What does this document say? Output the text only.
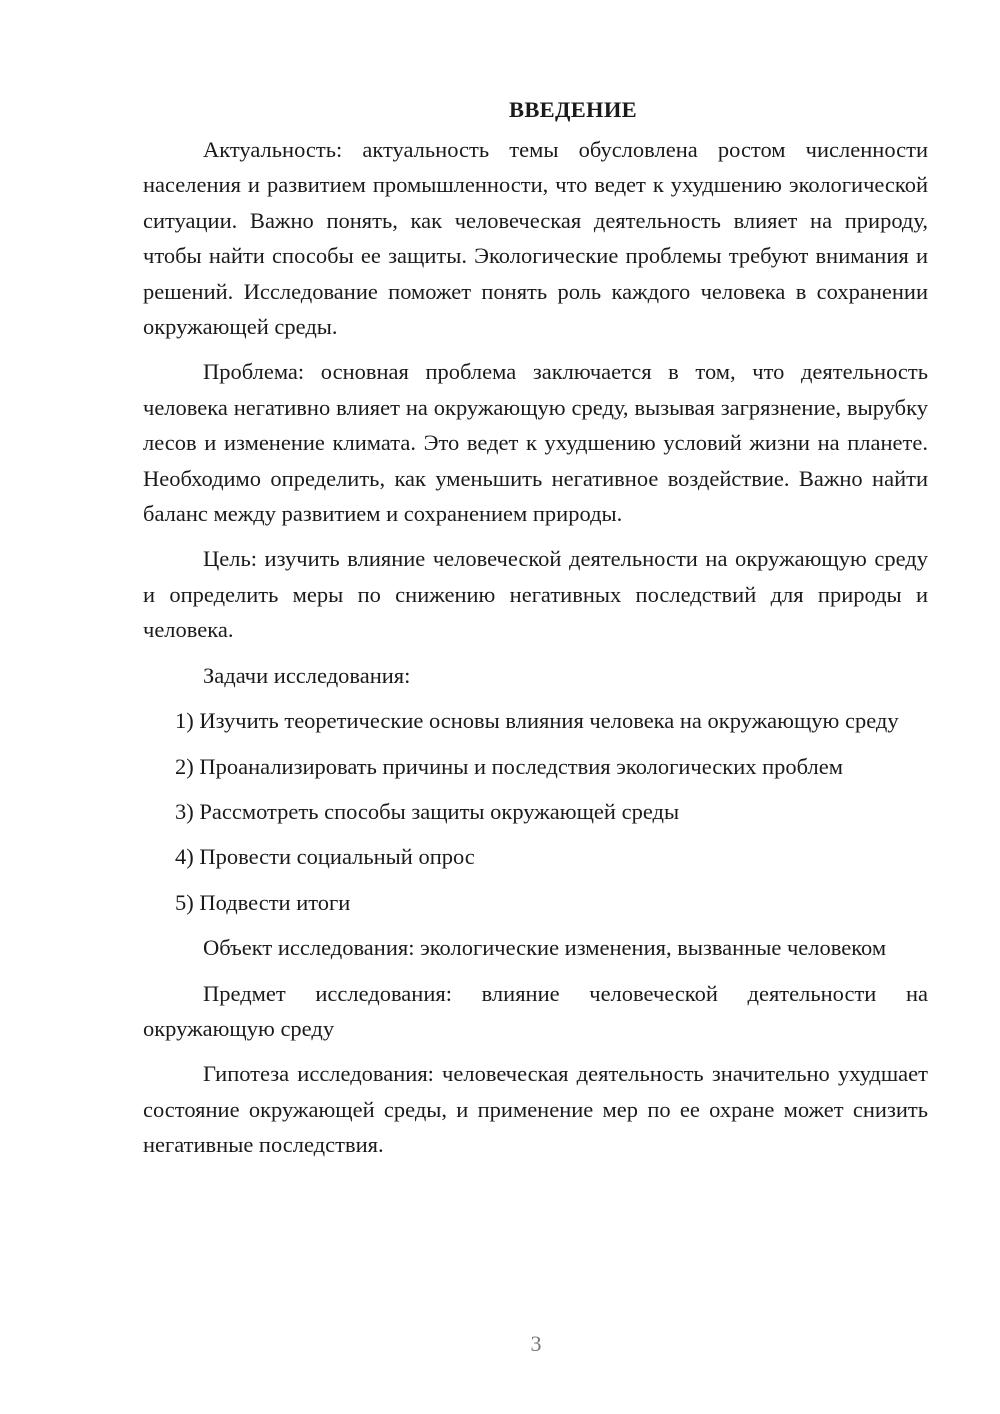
ВВЕДЕНИЕ

Актуальность: актуальность темы обусловлена ростом численности населения и развитием промышленности, что ведет к ухудшению экологической ситуации. Важно понять, как человеческая деятельность влияет на природу, чтобы найти способы ее защиты. Экологические проблемы требуют внимания и решений. Исследование поможет понять роль каждого человека в сохранении окружающей среды.

Проблема: основная проблема заключается в том, что деятельность человека негативно влияет на окружающую среду, вызывая загрязнение, вырубку лесов и изменение климата. Это ведет к ухудшению условий жизни на планете. Необходимо определить, как уменьшить негативное воздействие. Важно найти баланс между развитием и сохранением природы.

Цель: изучить влияние человеческой деятельности на окружающую среду и определить меры по снижению негативных последствий для природы и человека.

Задачи исследования:

1) Изучить теоретические основы влияния человека на окружающую среду

2) Проанализировать причины и последствия экологических проблем

3) Рассмотреть способы защиты окружающей среды

4) Провести социальный опрос

5) Подвести итоги

Объект исследования: экологические изменения, вызванные человеком

Предмет исследования: влияние человеческой деятельности на окружающую среду

Гипотеза исследования: человеческая деятельность значительно ухудшает состояние окружающей среды, и применение мер по ее охране может снизить негативные последствия.

3
